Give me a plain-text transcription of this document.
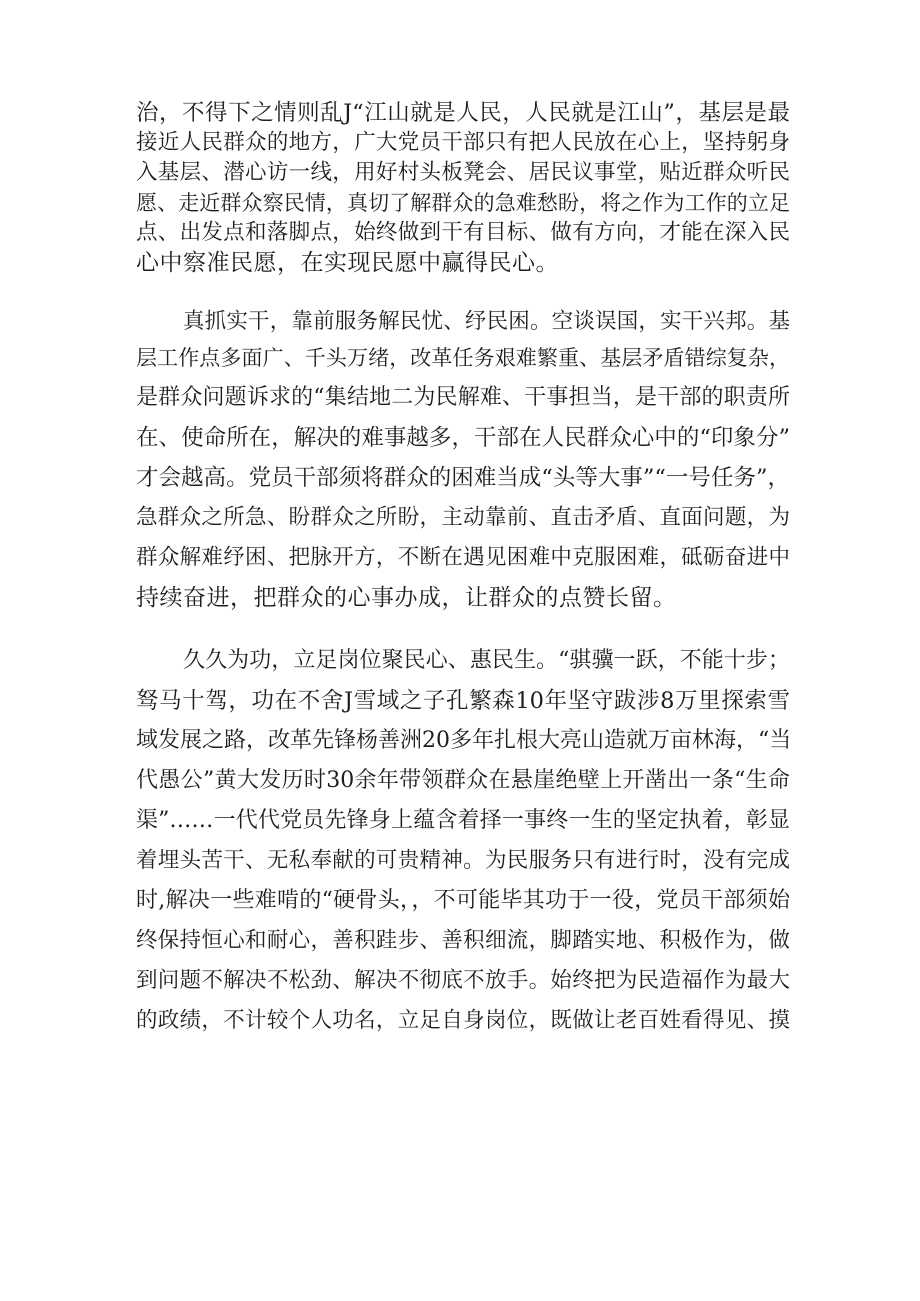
治，不得下之情则乱J“江山就是人民，人民就是江山”，基层是最
接近人民群众的地方，广大党员干部只有把人民放在心上，坚持躬身
入基层、潜心访一线，用好村头板凳会、居民议事堂，贴近群众听民
愿、走近群众察民情，真切了解群众的急难愁盼，将之作为工作的立足
点、出发点和落脚点，始终做到干有目标、做有方向，才能在深入民
心中察准民愿，在实现民愿中赢得民心。
真抓实干，靠前服务解民忧、纾民困。空谈误国，实干兴邦。基
层工作点多面广、千头万绪，改革任务艰难繁重、基层矛盾错综复杂，
是群众问题诉求的“集结地二为民解难、干事担当，是干部的职责所
在、使命所在，解决的难事越多，干部在人民群众心中的“印象分”
才会越高。党员干部须将群众的困难当成“头等大事”“一号任务”，
急群众之所急、盼群众之所盼，主动靠前、直击矛盾、直面问题，为
群众解难纾困、把脉开方，不断在遇见困难中克服困难，砥砺奋进中
持续奋进，把群众的心事办成，让群众的点赞长留。
久久为功，立足岗位聚民心、惠民生。“骐骥一跃，不能十步；
驽马十驾，功在不舍J雪域之子孔繁森10年坚守跋涉8万里探索雪
域发展之路，改革先锋杨善洲20多年扎根大亮山造就万亩林海，“当
代愚公”黄大发历时30余年带领群众在悬崖绝壁上开凿出一条“生命
渠”……一代代党员先锋身上蕴含着择一事终一生的坚定执着，彰显
着埋头苦干、无私奉献的可贵精神。为民服务只有进行时，没有完成
时,解决一些难啃的“硬骨头，，不可能毕其功于一役，党员干部须始
终保持恒心和耐心，善积跬步、善积细流，脚踏实地、积极作为，做
到问题不解决不松劲、解决不彻底不放手。始终把为民造福作为最大
的政绩，不计较个人功名，立足自身岗位，既做让老百姓看得见、摸
